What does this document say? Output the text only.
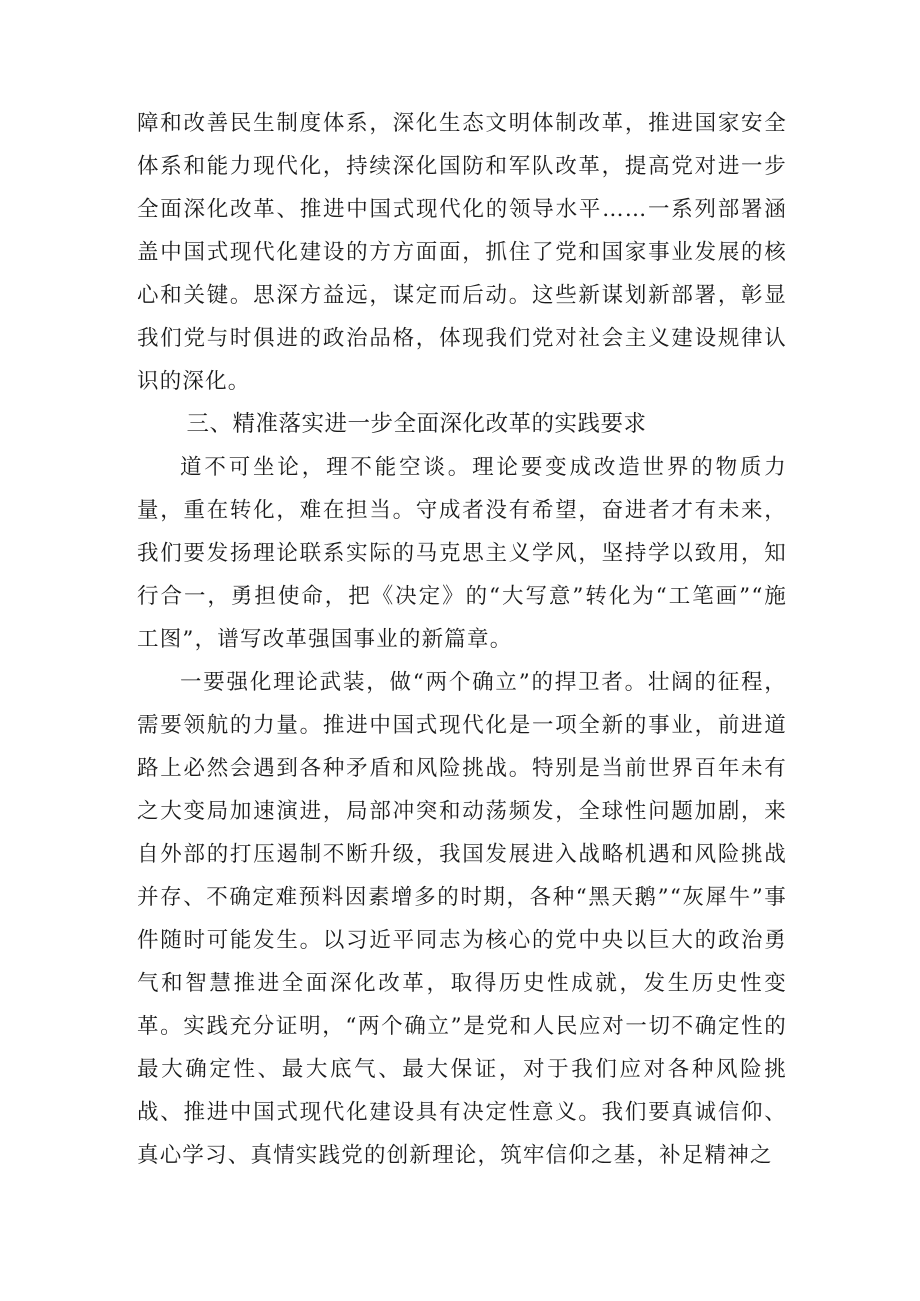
障和改善民生制度体系，深化生态文明体制改革，推进国家安全体系和能力现代化，持续深化国防和军队改革，提高党对进一步全面深化改革、推进中国式现代化的领导水平……一系列部署涵盖中国式现代化建设的方方面面，抓住了党和国家事业发展的核心和关键。思深方益远，谋定而后动。这些新谋划新部署，彰显我们党与时俱进的政治品格，体现我们党对社会主义建设规律认识的深化。

三、精准落实进一步全面深化改革的实践要求

道不可坐论，理不能空谈。理论要变成改造世界的物质力量，重在转化，难在担当。守成者没有希望，奋进者才有未来，我们要发扬理论联系实际的马克思主义学风，坚持学以致用，知行合一，勇担使命，把《决定》的“大写意”转化为“工笔画”“施工图”，谱写改革强国事业的新篇章。

一要强化理论武装，做“两个确立”的捍卫者。壮阔的征程，需要领航的力量。推进中国式现代化是一项全新的事业，前进道路上必然会遇到各种矛盾和风险挑战。特别是当前世界百年未有之大变局加速演进，局部冲突和动荡频发，全球性问题加剧，来自外部的打压遏制不断升级，我国发展进入战略机遇和风险挑战并存、不确定难预料因素增多的时期，各种“黑天鹅”“灰犀牛”事件随时可能发生。以习近平同志为核心的党中央以巨大的政治勇气和智慧推进全面深化改革，取得历史性成就，发生历史性变革。实践充分证明，“两个确立”是党和人民应对一切不确定性的最大确定性、最大底气、最大保证，对于我们应对各种风险挑战、推进中国式现代化建设具有决定性意义。我们要真诚信仰、真心学习、真情实践党的创新理论，筑牢信仰之基，补足精神之
